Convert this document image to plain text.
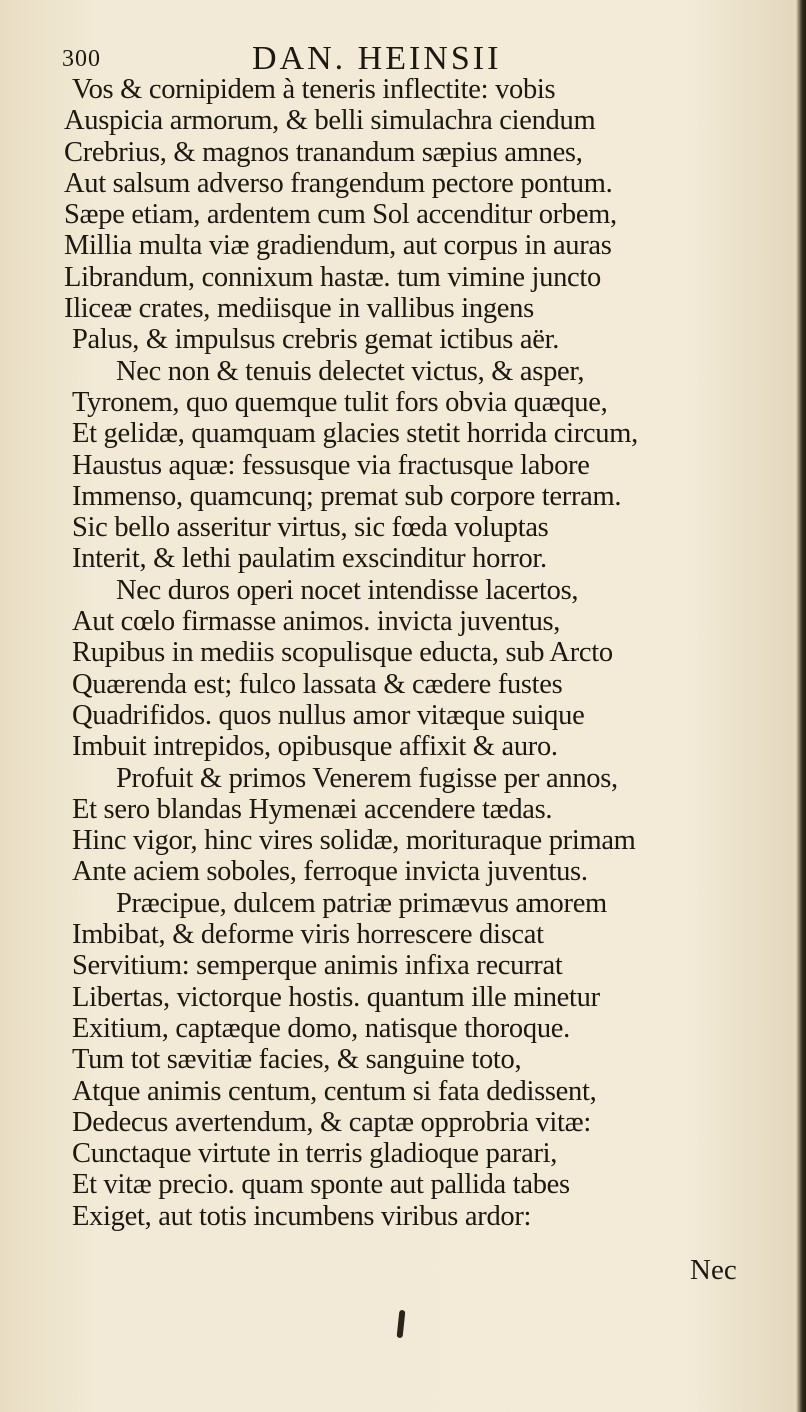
300	DAN. HEINSII
Vos & cornipidem à teneris inflectite: vobis
Auspicia armorum, & belli simulachra ciendum
Crebrius, & magnos tranandum sæpius amnes,
Aut salsum adverso frangendum pectore pontum.
Sæpe etiam, ardentem cum Sol accenditur orbem,
Millia multa viæ gradiendum, aut corpus in auras
Librandum, connixum hastæ. tum vimine juncto
Iliceæ crates, mediisque in vallibus ingens
Palus, & impulsus crebris gemat ictibus aër.
Nec non & tenuis delectet victus, & asper,
Tyronem, quo quemque tulit fors obvia quæque,
Et gelidæ, quamquam glacies stetit horrida circum,
Haustus aquæ: fessusque via fractusque labore
Immenso, quamcunq; premat sub corpore terram.
Sic bello asseritur virtus, sic fœda voluptas
Interit, & lethi paulatim exscinditur horror.
Nec duros operi nocet intendisse lacertos,
Aut cœlo firmasse animos. invicta juventus,
Rupibus in mediis scopulisque educta, sub Arcto
Quærenda est; fulco lassata & cædere fustes
Quadrifidos. quos nullus amor vitæque suique
Imbuit intrepidos, opibusque affixit & auro.
Profuit & primos Venerem fugisse per annos,
Et sero blandas Hymenæi accendere tædas.
Hinc vigor, hinc vires solidæ, morituraque primam
Ante aciem soboles, ferroque invicta juventus.
Præcipue, dulcem patriæ primævus amorem
Imbibat, & deforme viris horrescere discat
Servitium: semperque animis infixa recurrat
Libertas, victorque hostis. quantum ille minetur
Exitium, captæque domo, natisque thoroque.
Tum tot sævitiæ facies, & sanguine toto,
Atque animis centum, centum si fata dedissent,
Dedecus avertendum, & captæ opprobria vitæ:
Cunctaque virtute in terris gladioque parari,
Et vitæ precio. quam sponte aut pallida tabes
Exiget, aut totis incumbens viribus ardor:
Nec
